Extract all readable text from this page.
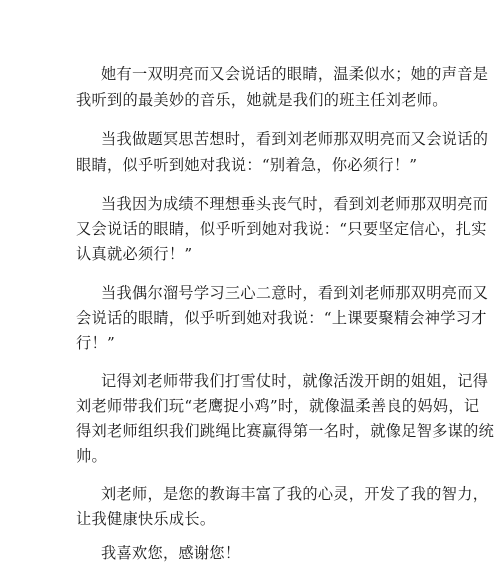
她有一双明亮而又会说话的眼睛，温柔似水；她的声音是
我听到的最美妙的音乐，她就是我们的班主任刘老师。
当我做题冥思苦想时，看到刘老师那双明亮而又会说话的
眼睛，似乎听到她对我说：“别着急，你必须行！”
当我因为成绩不理想垂头丧气时，看到刘老师那双明亮而
又会说话的眼睛，似乎听到她对我说：“只要坚定信心，扎实
认真就必须行！”
当我偶尔溜号学习三心二意时，看到刘老师那双明亮而又
会说话的眼睛，似乎听到她对我说：“上课要聚精会神学习才
行！”
记得刘老师带我们打雪仗时，就像活泼开朗的姐姐，记得
刘老师带我们玩“老鹰捉小鸡”时，就像温柔善良的妈妈，记
得刘老师组织我们跳绳比赛赢得第一名时，就像足智多谋的统
帅。
刘老师，是您的教诲丰富了我的心灵，开发了我的智力，
让我健康快乐成长。
我喜欢您，感谢您！
